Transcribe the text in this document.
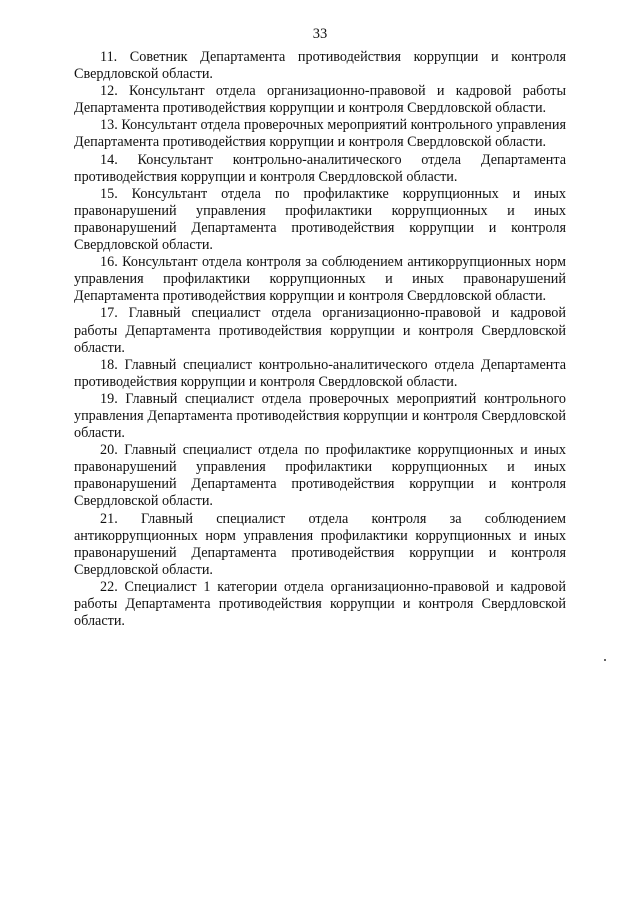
33

11. Советник Департамента противодействия коррупции и контроля Свердловской области.

12. Консультант отдела организационно-правовой и кадровой работы Департамента противодействия коррупции и контроля Свердловской области.

13. Консультант отдела проверочных мероприятий контрольного управления Департамента противодействия коррупции и контроля Свердловской области.

14. Консультант контрольно-аналитического отдела Департамента противодействия коррупции и контроля Свердловской области.

15. Консультант отдела по профилактике коррупционных и иных правонарушений управления профилактики коррупционных и иных правонарушений Департамента противодействия коррупции и контроля Свердловской области.

16. Консультант отдела контроля за соблюдением антикоррупционных норм управления профилактики коррупционных и иных правонарушений Департамента противодействия коррупции и контроля Свердловской области.

17. Главный специалист отдела организационно-правовой и кадровой работы Департамента противодействия коррупции и контроля Свердловской области.

18. Главный специалист контрольно-аналитического отдела Департамента противодействия коррупции и контроля Свердловской области.

19. Главный специалист отдела проверочных мероприятий контрольного управления Департамента противодействия коррупции и контроля Свердловской области.

20. Главный специалист отдела по профилактике коррупционных и иных правонарушений управления профилактики коррупционных и иных правонарушений Департамента противодействия коррупции и контроля Свердловской области.

21. Главный специалист отдела контроля за соблюдением антикоррупционных норм управления профилактики коррупционных и иных правонарушений Департамента противодействия коррупции и контроля Свердловской области.

22. Специалист 1 категории отдела организационно-правовой и кадровой работы Департамента противодействия коррупции и контроля Свердловской области.
